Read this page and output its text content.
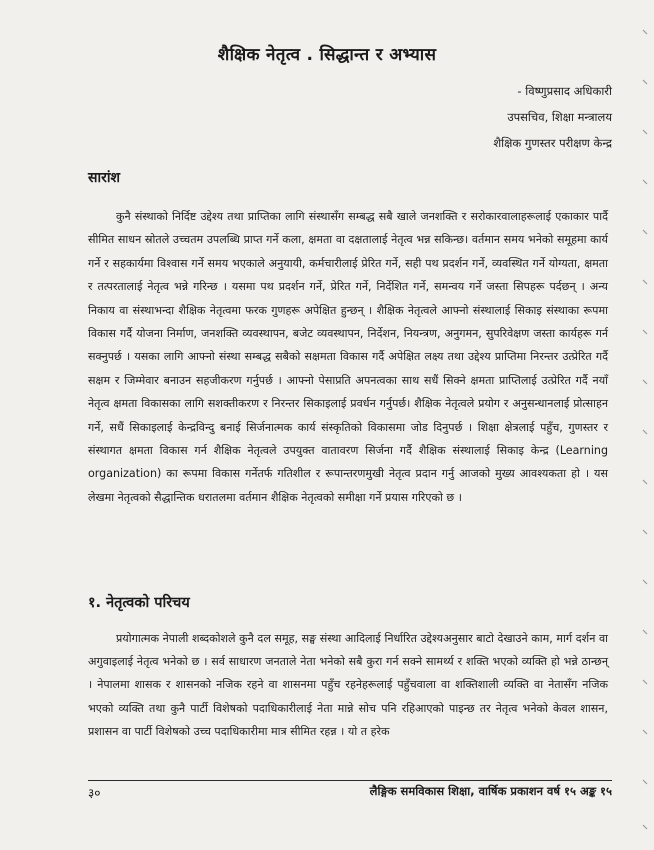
शैक्षिक नेतृत्व . सिद्धान्त र अभ्यास
- विष्णुप्रसाद अधिकारी
उपसचिव, शिक्षा मन्त्रालय
शैक्षिक गुणस्तर परीक्षण केन्द्र
सारांश

कुनै संस्थाको निर्दिष्ट उद्देश्य तथा प्राप्तिका लागि संस्थासँग सम्बद्ध सबै खाले जनशक्ति र सरोकारवालाहरूलाई एकाकार पार्दै सीमित साधन स्रोतले उच्चतम उपलब्धि प्राप्त गर्ने कला, क्षमता वा दक्षतालाई नेतृत्व भन्न सकिन्छ। वर्तमान समय भनेको समूहमा कार्य गर्ने र सहकार्यमा विश्वास गर्ने समय भएकाले अनुयायी, कर्मचारीलाई प्रेरित गर्ने, सही पथ प्रदर्शन गर्ने, व्यवस्थित गर्ने योग्यता, क्षमता र तत्परतालाई नेतृत्व भन्ने गरिन्छ । यसमा पथ प्रदर्शन गर्ने, प्रेरित गर्ने, निर्देशित गर्ने, समन्वय गर्ने जस्ता सिपहरू पर्दछन् । अन्य निकाय वा संस्थाभन्दा शैक्षिक नेतृत्वमा फरक गुणहरू अपेक्षित हुन्छन् । शैक्षिक नेतृत्वले आफ्नो संस्थालाई सिकाइ संस्थाका रूपमा विकास गर्दै योजना निर्माण, जनशक्ति व्यवस्थापन, बजेट व्यवस्थापन, निर्देशन, नियन्त्रण, अनुगमन, सुपरिवेक्षण जस्ता कार्यहरू गर्न सक्नुपर्छ । यसका लागि आफ्नो संस्था सम्बद्ध सबैको सक्षमता विकास गर्दै अपेक्षित लक्ष्य तथा उद्देश्य प्राप्तिमा निरन्तर उत्प्रेरित गर्दै सक्षम र जिम्मेवार बनाउन सहजीकरण गर्नुपर्छ । आफ्नो पेसाप्रति अपनत्वका साथ सधैं सिक्ने क्षमता प्राप्तिलाई उत्प्रेरित गर्दै नयाँ नेतृत्व क्षमता विकासका लागि सशक्तीकरण र निरन्तर सिकाइलाई प्रवर्धन गर्नुपर्छ। शैक्षिक नेतृत्वले प्रयोग र अनुसन्धानलाई प्रोत्साहन गर्ने, सधैं सिकाइलाई केन्द्रविन्दु बनाई सिर्जनात्मक कार्य संस्कृतिको विकासमा जोड दिनुपर्छ । शिक्षा क्षेत्रलाई पहुँच, गुणस्तर र संस्थागत क्षमता विकास गर्न शैक्षिक नेतृत्वले उपयुक्त वातावरण सिर्जना गर्दै शैक्षिक संस्थालाई सिकाइ केन्द्र (Learning organization) का रूपमा विकास गर्नेतर्फ गतिशील र रूपान्तरणमुखी नेतृत्व प्रदान गर्नु आजको मुख्य आवश्यकता हो । यस लेखमा नेतृत्वको सैद्धान्तिक धरातलमा वर्तमान शैक्षिक नेतृत्वको समीक्षा गर्ने प्रयास गरिएको छ ।

१. नेतृत्वको परिचय

प्रयोगात्मक नेपाली शब्दकोशले कुनै दल समूह, सङ्घ संस्था आदिलाई निर्धारित उद्देश्यअनुसार बाटो देखाउने काम, मार्ग दर्शन वा अगुवाइलाई नेतृत्व भनेको छ । सर्व साधारण जनताले नेता भनेको सबै कुरा गर्न सक्ने सामर्थ्य र शक्ति भएको व्यक्ति हो भन्ने ठान्छन् । नेपालमा शासक र शासनको नजिक रहने वा शासनमा पहुँच रहनेहरूलाई पहुँचवाला वा शक्तिशाली व्यक्ति वा नेतासँग नजिक भएको व्यक्ति तथा कुनै पार्टी विशेषको पदाधिकारीलाई नेता मान्ने सोच पनि रहिआएको पाइन्छ तर नेतृत्व भनेको केवल शासन, प्रशासन वा पार्टी विशेषको उच्च पदाधिकारीमा मात्र सीमित रहन्न । यो त हरेक

३०	लैङ्गिक समविकास शिक्षा, वार्षिक प्रकाशन वर्ष १५ अङ्क १५
